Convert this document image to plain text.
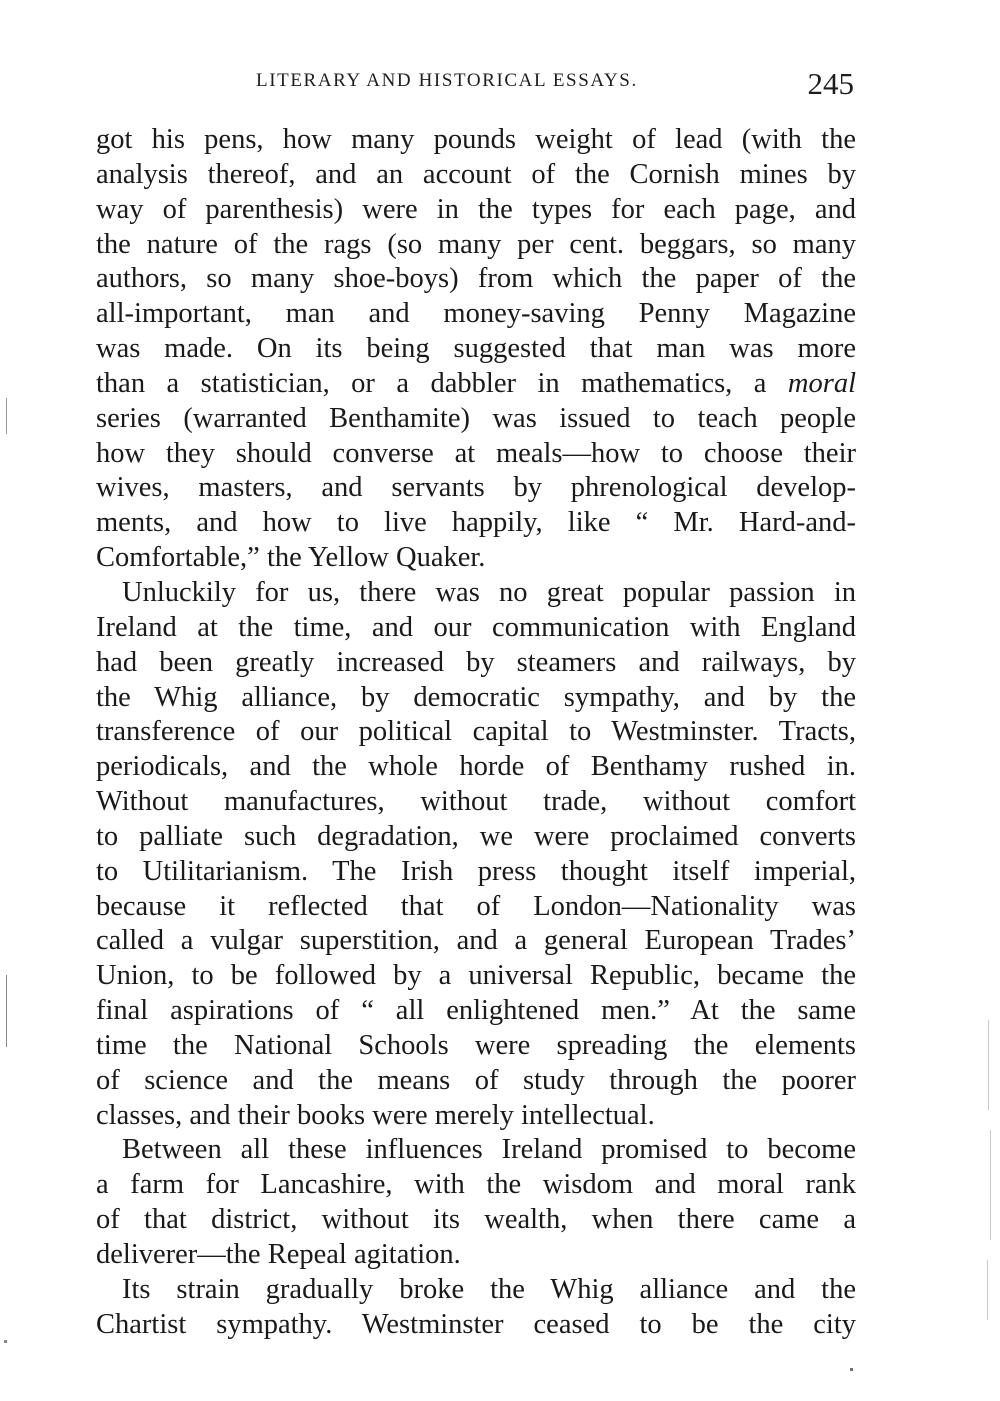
LITERARY AND HISTORICAL ESSAYS.	245
got his pens, how many pounds weight of lead (with the
analysis thereof, and an account of the Cornish mines by
way of parenthesis) were in the types for each page, and
the nature of the rags (so many per cent. beggars, so many
authors, so many shoe-boys) from which the paper of the
all-important, man and money-saving Penny Magazine
was made. On its being suggested that man was more
than a statistician, or a dabbler in mathematics, a moral
series (warranted Benthamite) was issued to teach people
how they should converse at meals—how to choose their
wives, masters, and servants by phrenological develop-
ments, and how to live happily, like “ Mr. Hard-and-
Comfortable,” the Yellow Quaker.
Unluckily for us, there was no great popular passion in
Ireland at the time, and our communication with England
had been greatly increased by steamers and railways, by
the Whig alliance, by democratic sympathy, and by the
transference of our political capital to Westminster. Tracts,
periodicals, and the whole horde of Benthamy rushed in.
Without manufactures, without trade, without comfort
to palliate such degradation, we were proclaimed converts
to Utilitarianism. The Irish press thought itself imperial,
because it reflected that of London—Nationality was
called a vulgar superstition, and a general European Trades’
Union, to be followed by a universal Republic, became the
final aspirations of “ all enlightened men.” At the same
time the National Schools were spreading the elements
of science and the means of study through the poorer
classes, and their books were merely intellectual.
Between all these influences Ireland promised to become
a farm for Lancashire, with the wisdom and moral rank
of that district, without its wealth, when there came a
deliverer—the Repeal agitation.
Its strain gradually broke the Whig alliance and the
Chartist sympathy. Westminster ceased to be the city
